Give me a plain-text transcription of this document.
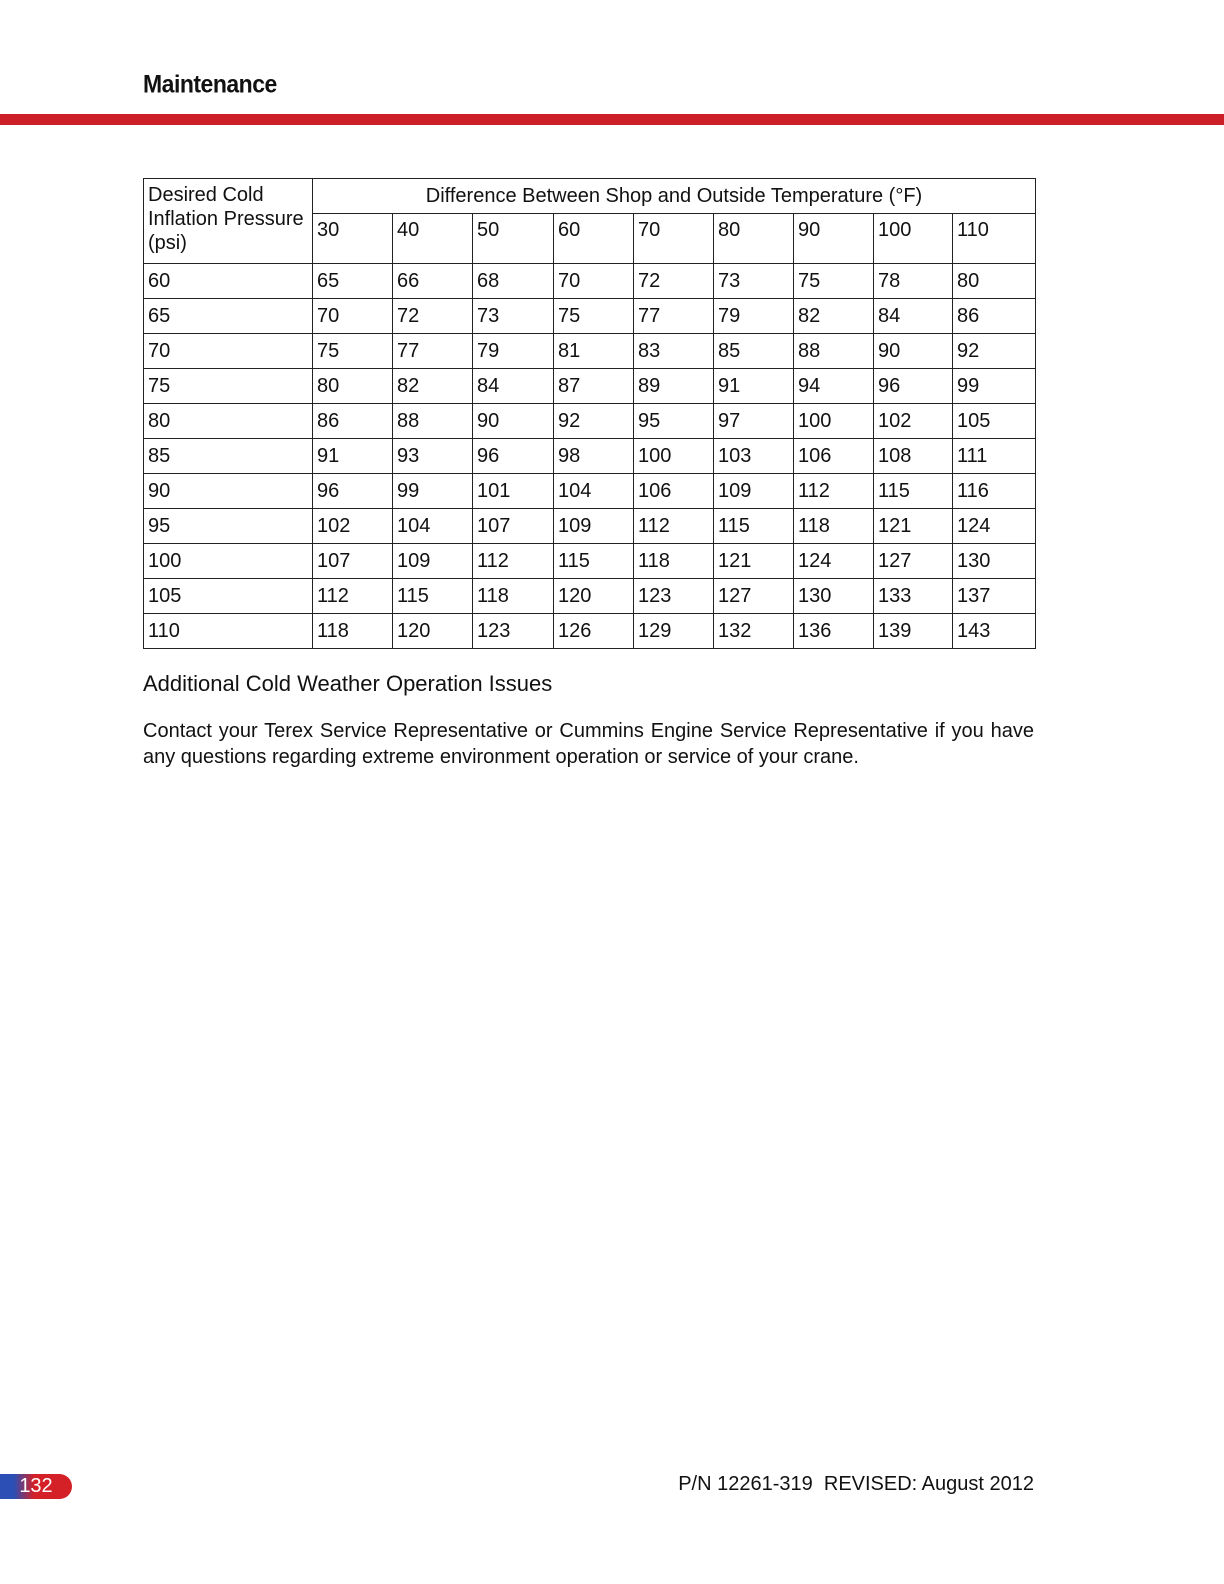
Maintenance
Desired Cold Inflation Pressure (psi)	Difference Between Shop and Outside Temperature (°F)								
	30	40	50	60	70	80	90	100	110
60	65	66	68	70	72	73	75	78	80
65	70	72	73	75	77	79	82	84	86
70	75	77	79	81	83	85	88	90	92
75	80	82	84	87	89	91	94	96	99
80	86	88	90	92	95	97	100	102	105
85	91	93	96	98	100	103	106	108	111
90	96	99	101	104	106	109	112	115	116
95	102	104	107	109	112	115	118	121	124
100	107	109	112	115	118	121	124	127	130
105	112	115	118	120	123	127	130	133	137
110	118	120	123	126	129	132	136	139	143
Additional Cold Weather Operation Issues
Contact your Terex Service Representative or Cummins Engine Service Representative if you have any questions regarding extreme environment operation or service of your crane.
132	P/N 12261-319  REVISED: August 2012
